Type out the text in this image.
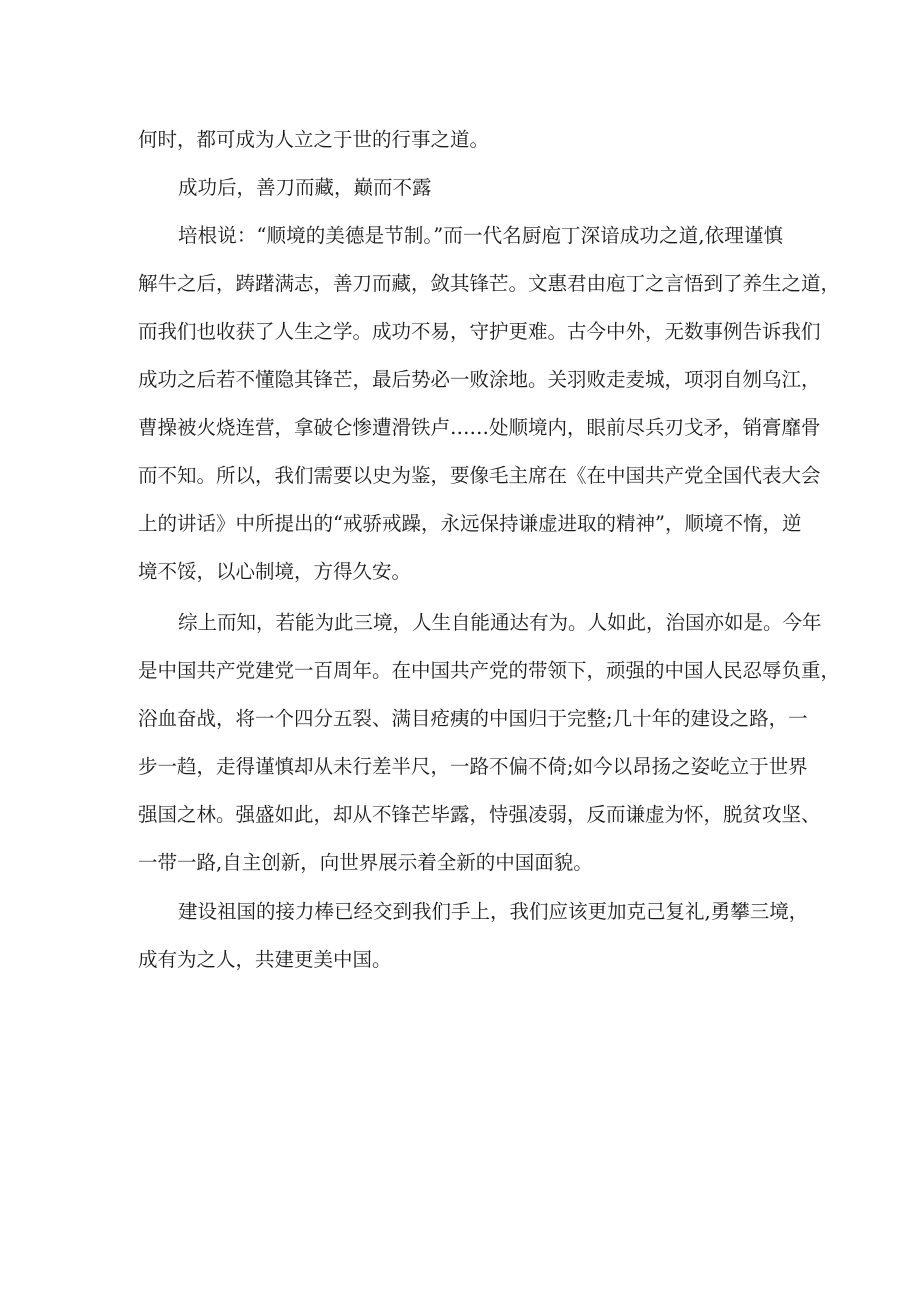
何时，都可成为人立之于世的行事之道。
成功后，善刀而藏，巅而不露
培根说：“顺境的美德是节制。”而一代名厨庖丁深谙成功之道,依理谨慎
解牛之后，踌躇满志，善刀而藏，敛其锋芒。文惠君由庖丁之言悟到了养生之道，
而我们也收获了人生之学。成功不易，守护更难。古今中外，无数事例告诉我们
成功之后若不懂隐其锋芒，最后势必一败涂地。关羽败走麦城，项羽自刎乌江，
曹操被火烧连营，拿破仑惨遭滑铁卢……处顺境内，眼前尽兵刃戈矛，销膏靡骨
而不知。所以，我们需要以史为鉴，要像毛主席在《在中国共产党全国代表大会
上的讲话》中所提出的“戒骄戒躁，永远保持谦虚进取的精神”，顺境不惰，逆
境不馁，以心制境，方得久安。
综上而知，若能为此三境，人生自能通达有为。人如此，治国亦如是。今年
是中国共产党建党一百周年。在中国共产党的带领下，顽强的中国人民忍辱负重，
浴血奋战，将一个四分五裂、满目疮痍的中国归于完整;几十年的建设之路，一
步一趋，走得谨慎却从未行差半尺，一路不偏不倚;如今以昂扬之姿屹立于世界
强国之林。强盛如此，却从不锋芒毕露，恃强凌弱，反而谦虚为怀，脱贫攻坚、
一带一路,自主创新，向世界展示着全新的中国面貌。
建设祖国的接力棒已经交到我们手上，我们应该更加克己复礼,勇攀三境，
成有为之人，共建更美中国。
